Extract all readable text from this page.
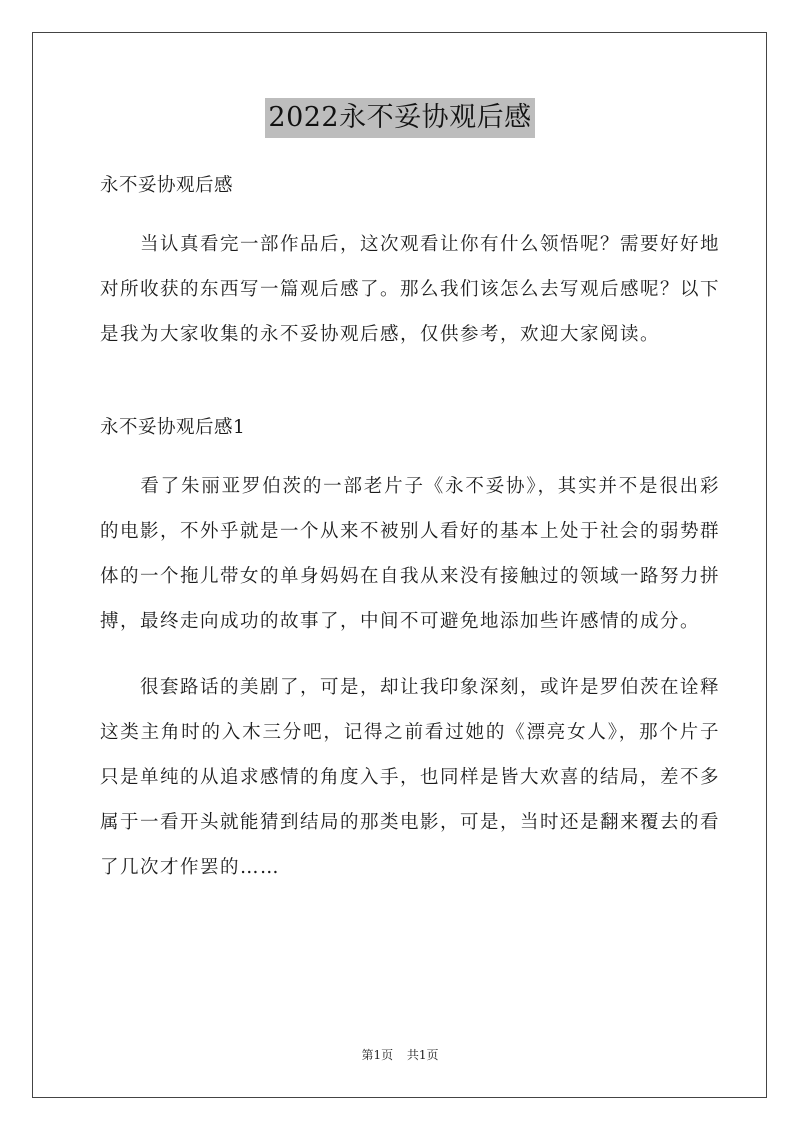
2022永不妥协观后感

永不妥协观后感

当认真看完一部作品后，这次观看让你有什么领悟呢？需要好好地对所收获的东西写一篇观后感了。那么我们该怎么去写观后感呢？以下是我为大家收集的永不妥协观后感，仅供参考，欢迎大家阅读。

永不妥协观后感1

看了朱丽亚罗伯茨的一部老片子《永不妥协》，其实并不是很出彩的电影，不外乎就是一个从来不被别人看好的基本上处于社会的弱势群体的一个拖儿带女的单身妈妈在自我从来没有接触过的领域一路努力拼搏，最终走向成功的故事了，中间不可避免地添加些许感情的成分。

很套路话的美剧了，可是，却让我印象深刻，或许是罗伯茨在诠释这类主角时的入木三分吧，记得之前看过她的《漂亮女人》，那个片子只是单纯的从追求感情的角度入手，也同样是皆大欢喜的结局，差不多属于一看开头就能猜到结局的那类电影，可是，当时还是翻来覆去的看了几次才作罢的……

第1页 共1页
